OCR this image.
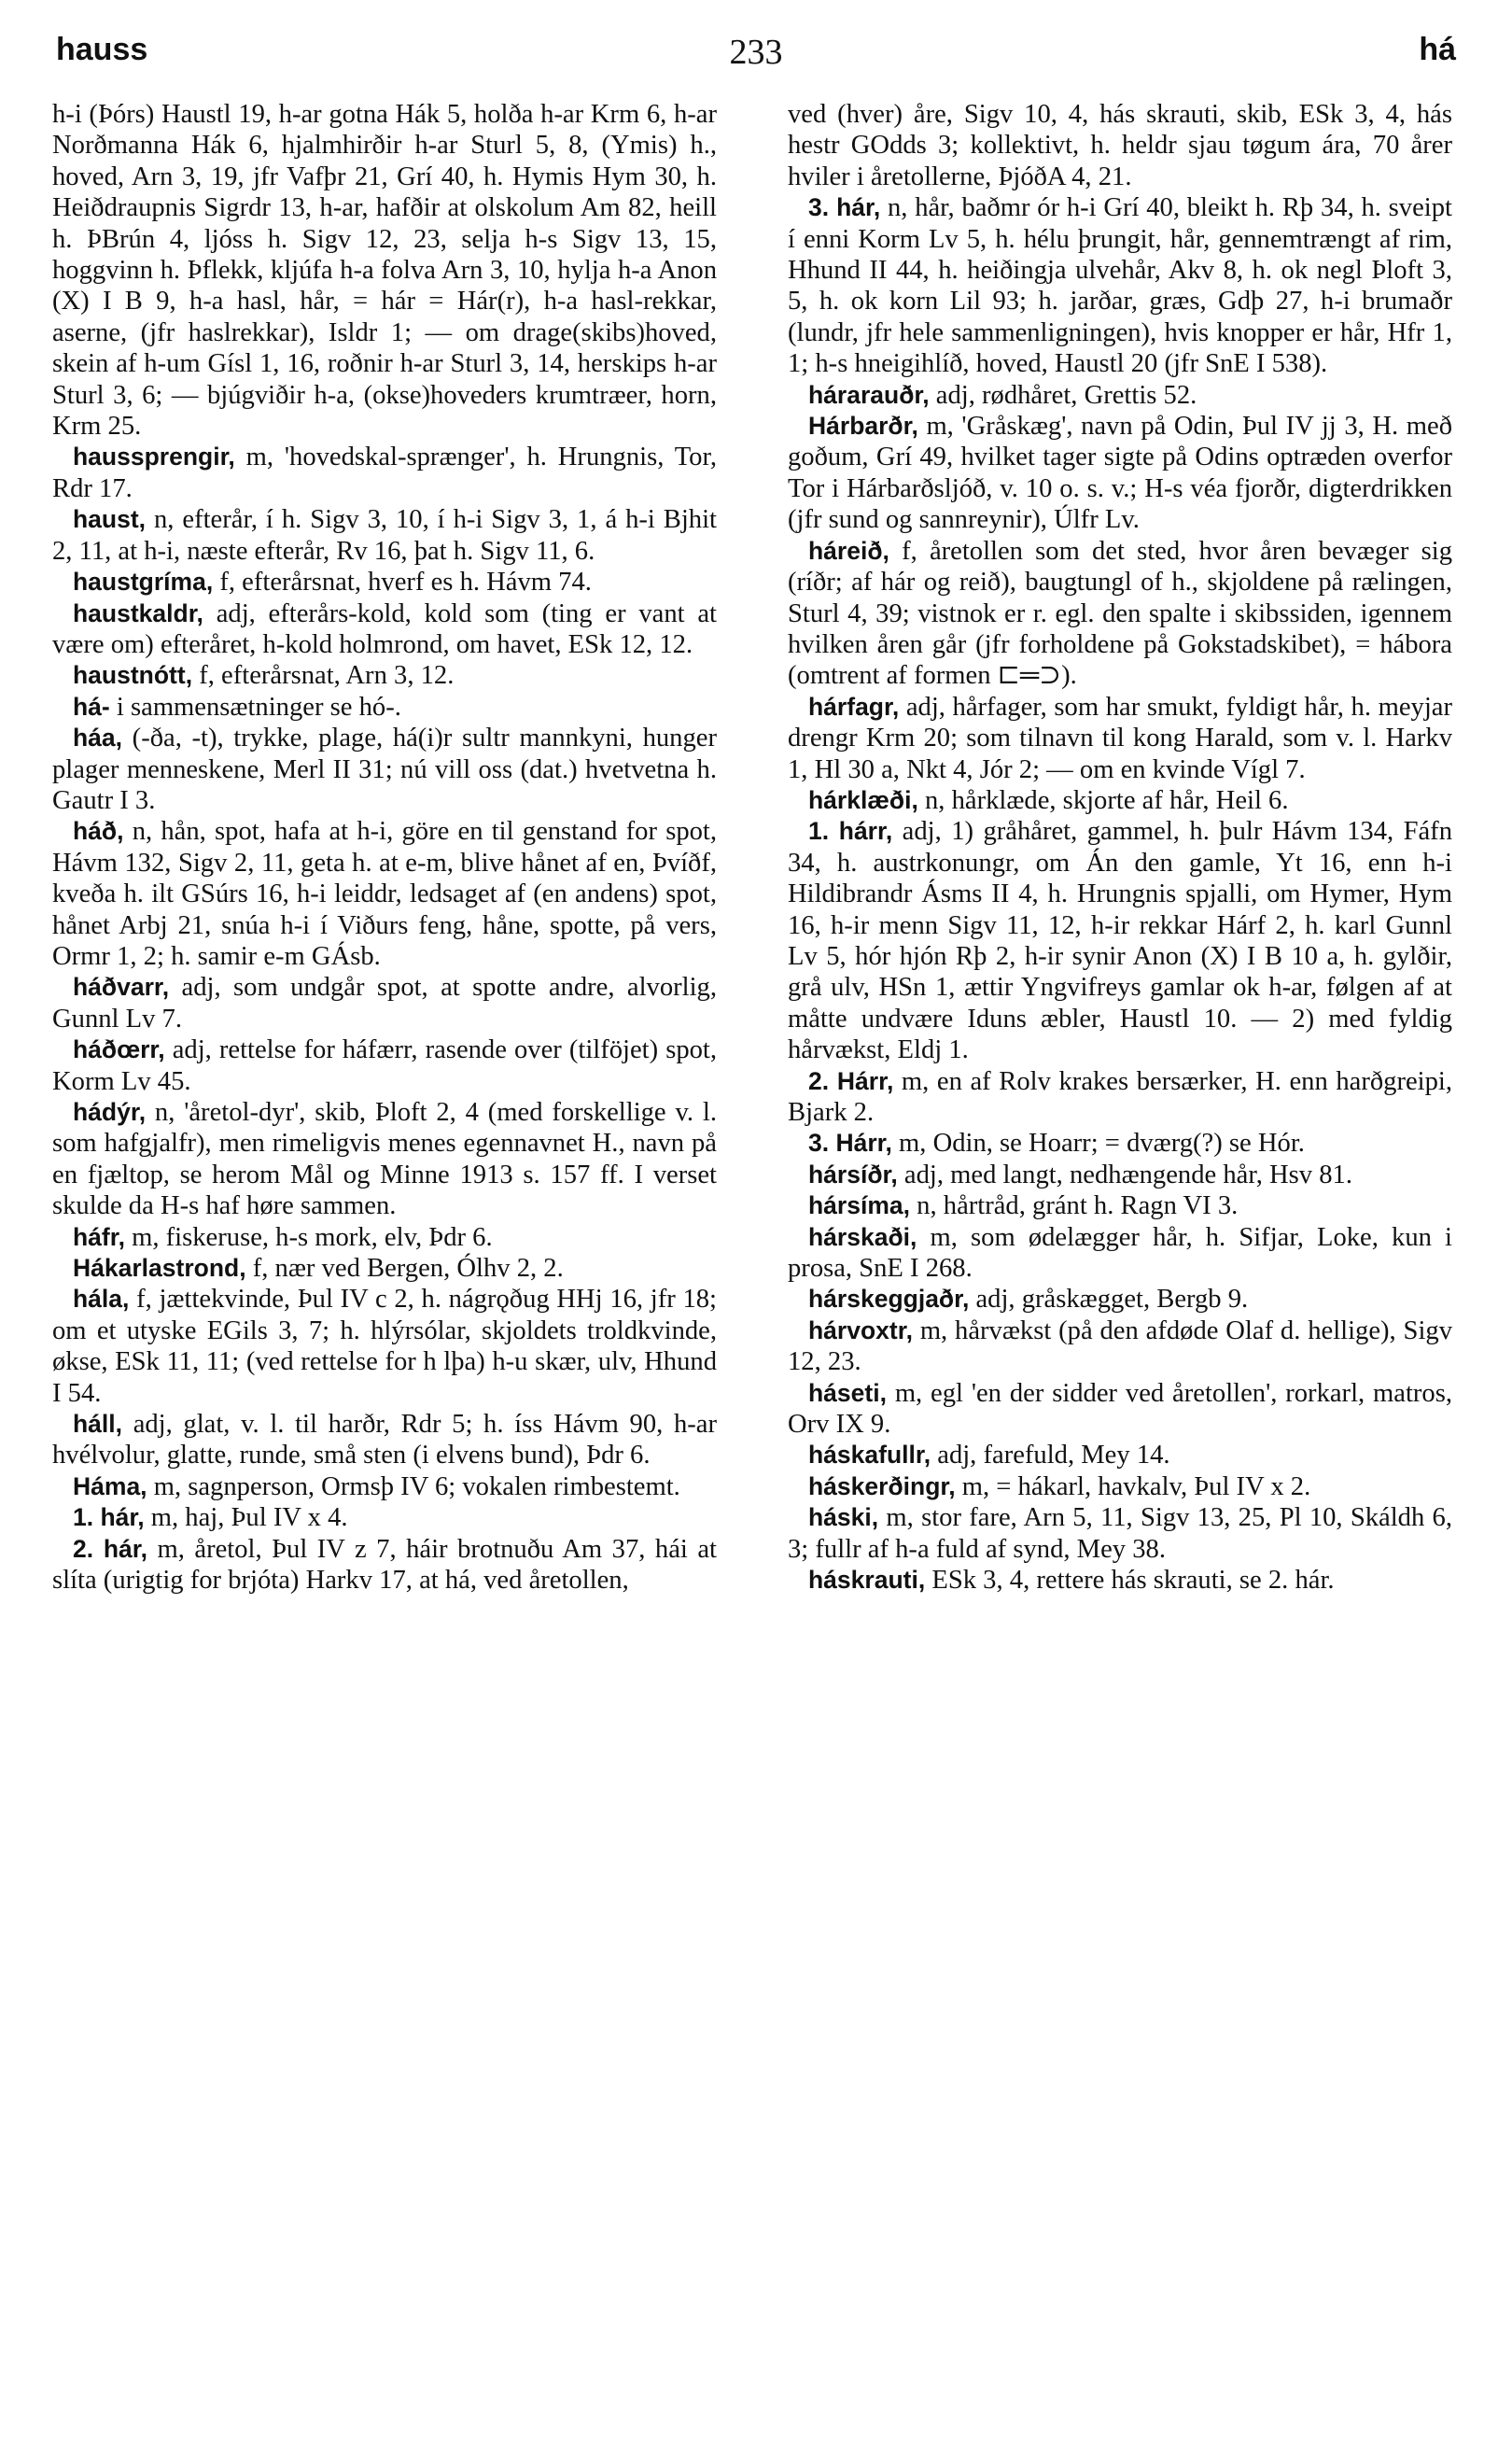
hauss	233	há

h-i (Þórs) Haustl 19, h-ar gotna Hák 5, holða h-ar Krm 6, h-ar Norðmanna Hák 6, hjalmhirðir h-ar Sturl 5, 8, (Ymis) h., hoved, Arn 3, 19, jfr Vafþr 21, Grí 40, h. Hymis Hym 30, h. Heiðdraupnis Sigrdr 13, h-ar, hafðir at olskolum Am 82, heill h. ÞBrún 4, ljóss h. Sigv 12, 23, selja h-s Sigv 13, 15, hoggvinn h. Þflekk, kljúfa h-a folva Arn 3, 10, hylja h-a Anon (X) I B 9, h-a hasl, hår, = hár = Hár(r), h-a hasl-rekkar, aserne, (jfr haslrekkar), Isldr 1; — om drage(skibs)hoved, skein af h-um Gísl 1, 16, roðnir h-ar Sturl 3, 14, herskips h-ar Sturl 3, 6; — bjúgviðir h-a, (okse)hoveders krumtræer, horn, Krm 25.

haussprengir, m, 'hovedskal-sprænger', h. Hrungnis, Tor, Rdr 17.

haust, n, efterår, í h. Sigv 3, 10, í h-i Sigv 3, 1, á h-i Bjhit 2, 11, at h-i, næste efterår, Rv 16, þat h. Sigv 11, 6.

haustgríma, f, efterårsnat, hverf es h. Hávm 74.

haustkaldr, adj, efterårs-kold, kold som (ting er vant at være om) efteråret, h-kold holmrond, om havet, ESk 12, 12.

haustnótt, f, efterårsnat, Arn 3, 12.

há- i sammensætninger se hó-.

háa, (-ða, -t), trykke, plage, há(i)r sultr mannkyni, hunger plager menneskene, Merl II 31; nú vill oss (dat.) hvetvetna h. Gautr I 3.

háð, n, hån, spot, hafa at h-i, göre en til genstand for spot, Hávm 132, Sigv 2, 11, geta h. at e-m, blive hånet af en, Þvíðf, kveða h. ilt GSúrs 16, h-i leiddr, ledsaget af (en andens) spot, hånet Arbj 21, snúa h-i í Viðurs feng, håne, spotte, på vers, Ormr 1, 2; h. samir e-m GÁsb.

háðvarr, adj, som undgår spot, at spotte andre, alvorlig, Gunnl Lv 7.

háðœrr, adj, rettelse for háfærr, rasende over (tilföjet) spot, Korm Lv 45.

hádýr, n, 'åretol-dyr', skib, Þloft 2, 4 (med forskellige v. l. som hafgjalfr), men rimeligvis menes egennavnet H., navn på en fjæltop, se herom Mål og Minne 1913 s. 157 ff. I verset skulde da H-s haf høre sammen.

háfr, m, fiskeruse, h-s mork, elv, Þdr 6.

Hákarlastrond, f, nær ved Bergen, Ólhv 2, 2.

hála, f, jættekvinde, Þul IV c 2, h. nágrǫðug HHj 16, jfr 18; om et utyske EGils 3, 7; h. hlýrsólar, skjoldets troldkvinde, økse, ESk 11, 11; (ved rettelse for h lþa) h-u skær, ulv, Hhund I 54.

háll, adj, glat, v. l. til harðr, Rdr 5; h. íss Hávm 90, h-ar hvélvolur, glatte, runde, små sten (i elvens bund), Þdr 6.

Háma, m, sagnperson, Ormsþ IV 6; vokalen rimbestemt.

1. hár, m, haj, Þul IV x 4.

2. hár, m, åretol, Þul IV z 7, háir brotnuðu Am 37, hái at slíta (urigtig for brjóta) Harkv 17, at há, ved åretollen,

ved (hver) åre, Sigv 10, 4, hás skrauti, skib, ESk 3, 4, hás hestr GOdds 3; kollektivt, h. heldr sjau tøgum ára, 70 årer hviler i åretollerne, ÞjóðA 4, 21.

3. hár, n, hår, baðmr ór h-i Grí 40, bleikt h. Rþ 34, h. sveipt í enni Korm Lv 5, h. hélu þrungit, hår, gennemtrængt af rim, Hhund II 44, h. heiðingja ulvehår, Akv 8, h. ok negl Þloft 3, 5, h. ok korn Lil 93; h. jarðar, græs, Gdþ 27, h-i brumaðr (lundr, jfr hele sammenligningen), hvis knopper er hår, Hfr 1, 1; h-s hneigihlíð, hoved, Haustl 20 (jfr SnE I 538).

hárarauðr, adj, rødhåret, Grettis 52.

Hárbarðr, m, 'Gråskæg', navn på Odin, Þul IV jj 3, H. með goðum, Grí 49, hvilket tager sigte på Odins optræden overfor Tor i Hárbarðsljóð, v. 10 o. s. v.; H-s véa fjorðr, digterdrikken (jfr sund og sannreynir), Úlfr Lv.

háreið, f, åretollen som det sted, hvor åren bevæger sig (ríðr; af hár og reið), baugtungl of h., skjoldene på rælingen, Sturl 4, 39; vistnok er r. egl. den spalte i skibssiden, igennem hvilken åren går (jfr forholdene på Gokstadskibet), = hábora (omtrent af formen ⊏═⊃).

hárfagr, adj, hårfager, som har smukt, fyldigt hår, h. meyjar drengr Krm 20; som tilnavn til kong Harald, som v. l. Harkv 1, Hl 30 a, Nkt 4, Jór 2; — om en kvinde Vígl 7.

hárklæði, n, hårklæde, skjorte af hår, Heil 6.

1. hárr, adj, 1) gråhåret, gammel, h. þulr Hávm 134, Fáfn 34, h. austrkonungr, om Án den gamle, Yt 16, enn h-i Hildibrandr Ásms II 4, h. Hrungnis spjalli, om Hymer, Hym 16, h-ir menn Sigv 11, 12, h-ir rekkar Hárf 2, h. karl Gunnl Lv 5, hór hjón Rþ 2, h-ir synir Anon (X) I B 10 a, h. gylðir, grå ulv, HSn 1, ættir Yngvifreys gamlar ok h-ar, følgen af at måtte undvære Iduns æbler, Haustl 10. — 2) med fyldig hårvækst, Eldj 1.

2. Hárr, m, en af Rolv krakes bersærker, H. enn harðgreipi, Bjark 2.

3. Hárr, m, Odin, se Hoarr; = dværg(?) se Hór.

hársíðr, adj, med langt, nedhængende hår, Hsv 81.

hársíma, n, hårtråd, gránt h. Ragn VI 3.

hárskaði, m, som ødelægger hår, h. Sifjar, Loke, kun i prosa, SnE I 268.

hárskeggjaðr, adj, gråskægget, Bergb 9.

hárvoxtr, m, hårvækst (på den afdøde Olaf d. hellige), Sigv 12, 23.

háseti, m, egl 'en der sidder ved åretollen', rorkarl, matros, Orv IX 9.

háskafullr, adj, farefuld, Mey 14.

háskerðingr, m, = hákarl, havkalv, Þul IV x 2.

háski, m, stor fare, Arn 5, 11, Sigv 13, 25, Pl 10, Skáldh 6, 3; fullr af h-a fuld af synd, Mey 38.

háskrauti, ESk 3, 4, rettere hás skrauti, se 2. hár.
